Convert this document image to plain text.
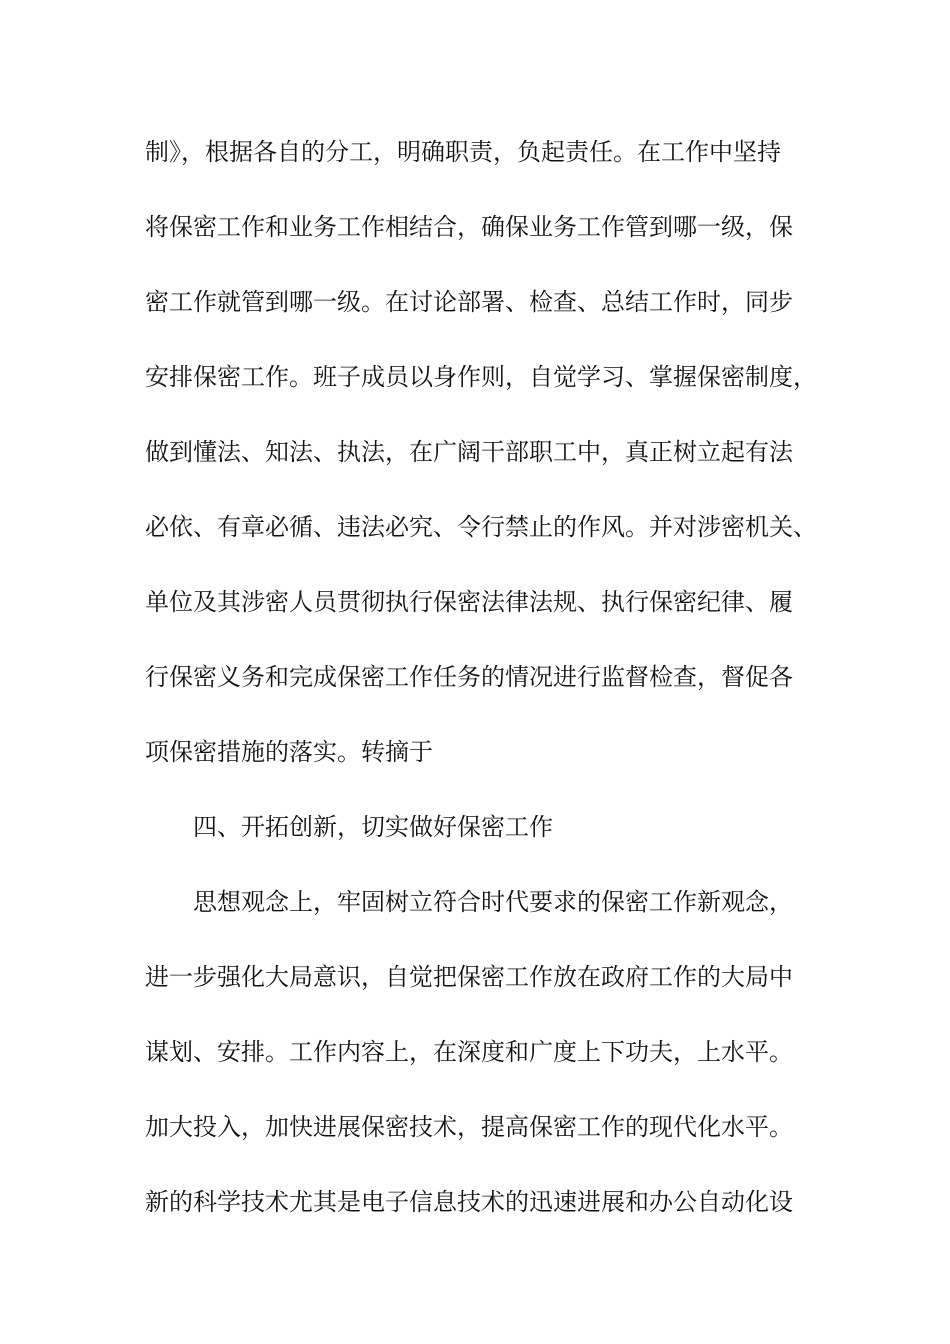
制》，根据各自的分工，明确职责，负起责任。在工作中坚持
将保密工作和业务工作相结合，确保业务工作管到哪一级，保
密工作就管到哪一级。在讨论部署、检查、总结工作时，同步
安排保密工作。班子成员以身作则，自觉学习、掌握保密制度，
做到懂法、知法、执法，在广阔干部职工中，真正树立起有法
必依、有章必循、违法必究、令行禁止的作风。并对涉密机关、
单位及其涉密人员贯彻执行保密法律法规、执行保密纪律、履
行保密义务和完成保密工作任务的情况进行监督检查，督促各
项保密措施的落实。转摘于
四、开拓创新，切实做好保密工作
思想观念上，牢固树立符合时代要求的保密工作新观念，
进一步强化大局意识，自觉把保密工作放在政府工作的大局中
谋划、安排。工作内容上，在深度和广度上下功夫，上水平。
加大投入，加快进展保密技术，提高保密工作的现代化水平。
新的科学技术尤其是电子信息技术的迅速进展和办公自动化设
